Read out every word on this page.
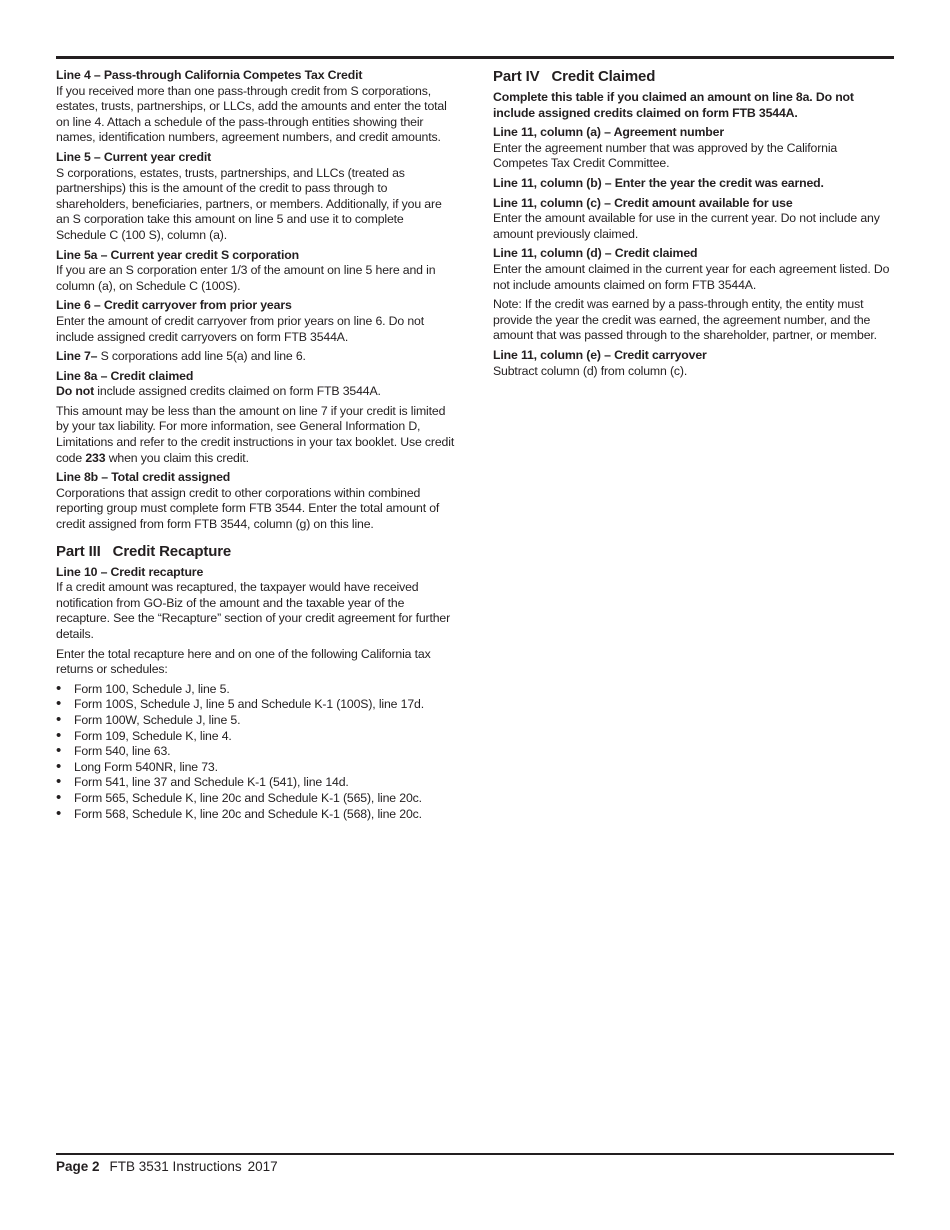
Line 4 – Pass-through California Competes Tax Credit
If you received more than one pass-through credit from S corporations, estates, trusts, partnerships, or LLCs, add the amounts and enter the total on line 4. Attach a schedule of the pass-through entities showing their names, identification numbers, agreement numbers, and credit amounts.

Line 5 – Current year credit
S corporations, estates, trusts, partnerships, and LLCs (treated as partnerships) this is the amount of the credit to pass through to shareholders, beneficiaries, partners, or members. Additionally, if you are an S corporation take this amount on line 5 and use it to complete Schedule C (100 S), column (a).

Line 5a – Current year credit S corporation
If you are an S corporation enter 1/3 of the amount on line 5 here and in column (a), on Schedule C (100S).

Line 6 – Credit carryover from prior years
Enter the amount of credit carryover from prior years on line 6. Do not include assigned credit carryovers on form FTB 3544A.

Line 7– S corporations add line 5(a) and line 6.

Line 8a – Credit claimed
Do not include assigned credits claimed on form FTB 3544A.

This amount may be less than the amount on line 7 if your credit is limited by your tax liability. For more information, see General Information D, Limitations and refer to the credit instructions in your tax booklet. Use credit code 233 when you claim this credit.

Line 8b – Total credit assigned
Corporations that assign credit to other corporations within combined reporting group must complete form FTB 3544. Enter the total amount of credit assigned from form FTB 3544, column (g) on this line.

Part III Credit Recapture

Line 10 – Credit recapture
If a credit amount was recaptured, the taxpayer would have received notification from GO-Biz of the amount and the taxable year of the recapture. See the “Recapture” section of your credit agreement for further details.

Enter the total recapture here and on one of the following California tax returns or schedules:

• Form 100, Schedule J, line 5.
• Form 100S, Schedule J, line 5 and Schedule K-1 (100S), line 17d.
• Form 100W, Schedule J, line 5.
• Form 109, Schedule K, line 4.
• Form 540, line 63.
• Long Form 540NR, line 73.
• Form 541, line 37 and Schedule K-1 (541), line 14d.
• Form 565, Schedule K, line 20c and Schedule K-1 (565), line 20c.
• Form 568, Schedule K, line 20c and Schedule K-1 (568), line 20c.
Part IV Credit Claimed

Complete this table if you claimed an amount on line 8a. Do not include assigned credits claimed on form FTB 3544A.

Line 11, column (a) – Agreement number
Enter the agreement number that was approved by the California Competes Tax Credit Committee.

Line 11, column (b) – Enter the year the credit was earned.

Line 11, column (c) – Credit amount available for use
Enter the amount available for use in the current year. Do not include any amount previously claimed.

Line 11, column (d) – Credit claimed
Enter the amount claimed in the current year for each agreement listed. Do not include amounts claimed on form FTB 3544A.

Note: If the credit was earned by a pass-through entity, the entity must provide the year the credit was earned, the agreement number, and the amount that was passed through to the shareholder, partner, or member.

Line 11, column (e) – Credit carryover
Subtract column (d) from column (c).

Page 2 FTB 3531 Instructions 2017
